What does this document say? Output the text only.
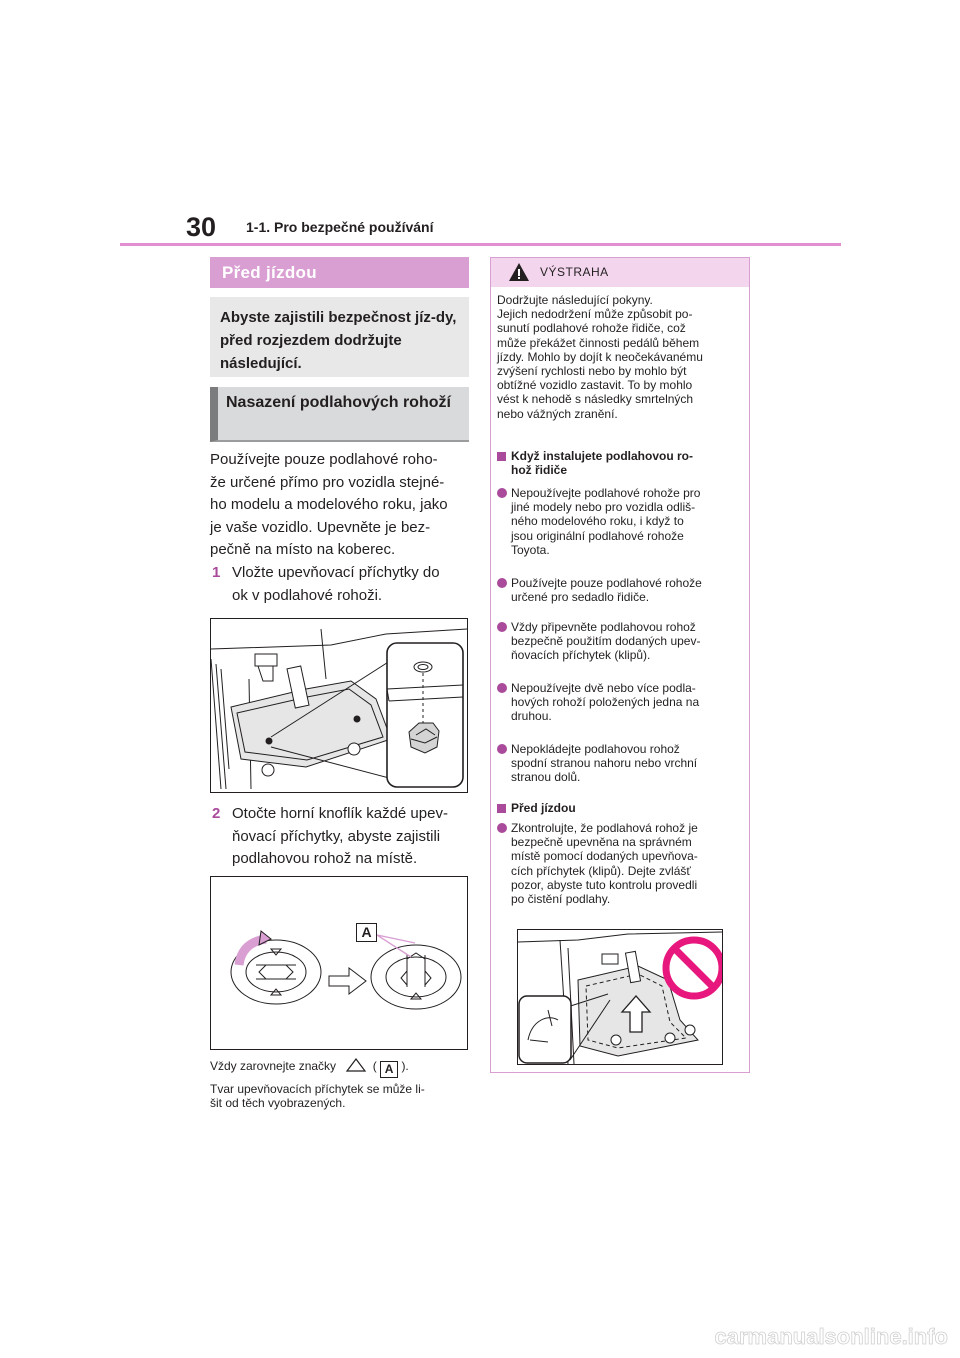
30 1-1. Pro bezpečné používání
Před jízdou
Abyste zajistili bezpečnost jíz-dy, před rozjezdem dodržujte následující.
Nasazení podlahových rohoží
Používejte pouze podlahové roho-
že určené přímo pro vozidla stejné-
ho modelu a modelového roku, jako
je vaše vozidlo. Upevněte je bez-
pečně na místo na koberec.
1 Vložte upevňovací příchytky do
ok v podlahové rohoži.
2 Otočte horní knoflík každé upev-
ňovací příchytky, abyste zajistili
podlahovou rohož na místě.
A
Vždy zarovnejte značky	( A ).
Tvar upevňovacích příchytek se může li-
šit od těch vyobrazených.
VÝSTRAHA
Dodržujte následující pokyny.
Jejich nedodržení může způsobit po-
sunutí podlahové rohože řidiče, což
může překážet činnosti pedálů během
jízdy. Mohlo by dojít k neočekávanému
zvýšení rychlosti nebo by mohlo být
obtížné vozidlo zastavit. To by mohlo
vést k nehodě s následky smrtelných
nebo vážných zranění.
Když instalujete podlahovou ro-
hož řidiče
Nepoužívejte podlahové rohože pro
jiné modely nebo pro vozidla odliš-
ného modelového roku, i když to
jsou originální podlahové rohože
Toyota.
Používejte pouze podlahové rohože
určené pro sedadlo řidiče.
Vždy připevněte podlahovou rohož
bezpečně použitím dodaných upev-
ňovacích příchytek (klipů).
Nepoužívejte dvě nebo více podla-
hových rohoží položených jedna na
druhou.
Nepokládejte podlahovou rohož
spodní stranou nahoru nebo vrchní
stranou dolů.
Před jízdou
Zkontrolujte, že podlahová rohož je
bezpečně upevněna na správném
místě pomocí dodaných upevňova-
cích příchytek (klipů). Dejte zvlášť
pozor, abyste tuto kontrolu provedli
po čistění podlahy.
carmanualsonline.info
